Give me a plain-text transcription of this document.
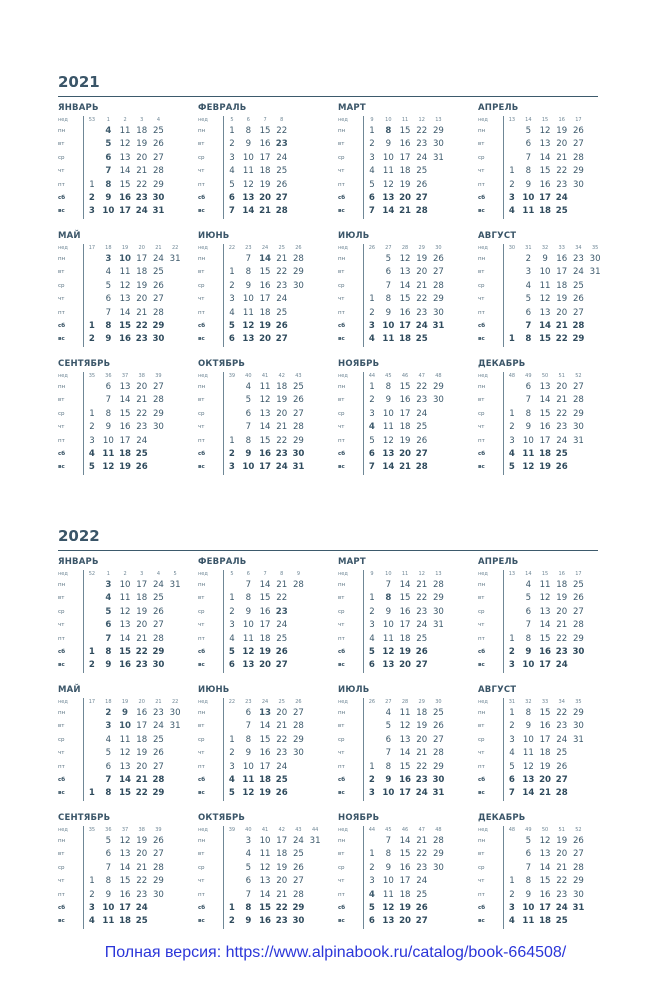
2021
ЯНВАРЬ
нед	53	1	2	3	4	
пн		4	11	18	25	
вт		5	12	19	26	
ср		6	13	20	27	
чт		7	14	21	28	
пт	1	8	15	22	29	
сб	2	9	16	23	30	
вс	3	10	17	24	31	
ФЕВРАЛЬ
нед	5	6	7	8		
пн	1	8	15	22		
вт	2	9	16	23		
ср	3	10	17	24		
чт	4	11	18	25		
пт	5	12	19	26		
сб	6	13	20	27		
вс	7	14	21	28		
МАРТ
нед	9	10	11	12	13	
пн	1	8	15	22	29	
вт	2	9	16	23	30	
ср	3	10	17	24	31	
чт	4	11	18	25		
пт	5	12	19	26		
сб	6	13	20	27		
вс	7	14	21	28		
АПРЕЛЬ
нед	13	14	15	16	17	
пн		5	12	19	26	
вт		6	13	20	27	
ср		7	14	21	28	
чт	1	8	15	22	29	
пт	2	9	16	23	30	
сб	3	10	17	24		
вс	4	11	18	25		
МАЙ
нед	17	18	19	20	21	22
пн		3	10	17	24	31
вт		4	11	18	25	
ср		5	12	19	26	
чт		6	13	20	27	
пт		7	14	21	28	
сб	1	8	15	22	29	
вс	2	9	16	23	30	
ИЮНЬ
нед	22	23	24	25	26	
пн		7	14	21	28	
вт	1	8	15	22	29	
ср	2	9	16	23	30	
чт	3	10	17	24		
пт	4	11	18	25		
сб	5	12	19	26		
вс	6	13	20	27		
ИЮЛЬ
нед	26	27	28	29	30	
пн		5	12	19	26	
вт		6	13	20	27	
ср		7	14	21	28	
чт	1	8	15	22	29	
пт	2	9	16	23	30	
сб	3	10	17	24	31	
вс	4	11	18	25		
АВГУСТ
нед	30	31	32	33	34	35
пн		2	9	16	23	30
вт		3	10	17	24	31
ср		4	11	18	25	
чт		5	12	19	26	
пт		6	13	20	27	
сб		7	14	21	28	
вс	1	8	15	22	29	
СЕНТЯБРЬ
нед	35	36	37	38	39	
пн		6	13	20	27	
вт		7	14	21	28	
ср	1	8	15	22	29	
чт	2	9	16	23	30	
пт	3	10	17	24		
сб	4	11	18	25		
вс	5	12	19	26		
ОКТЯБРЬ
нед	39	40	41	42	43	
пн		4	11	18	25	
вт		5	12	19	26	
ср		6	13	20	27	
чт		7	14	21	28	
пт	1	8	15	22	29	
сб	2	9	16	23	30	
вс	3	10	17	24	31	
НОЯБРЬ
нед	44	45	46	47	48	
пн	1	8	15	22	29	
вт	2	9	16	23	30	
ср	3	10	17	24		
чт	4	11	18	25		
пт	5	12	19	26		
сб	6	13	20	27		
вс	7	14	21	28		
ДЕКАБРЬ
нед	48	49	50	51	52	
пн		6	13	20	27	
вт		7	14	21	28	
ср	1	8	15	22	29	
чт	2	9	16	23	30	
пт	3	10	17	24	31	
сб	4	11	18	25		
вс	5	12	19	26		
2022
ЯНВАРЬ
нед	52	1	2	3	4	5
пн		3	10	17	24	31
вт		4	11	18	25	
ср		5	12	19	26	
чт		6	13	20	27	
пт		7	14	21	28	
сб	1	8	15	22	29	
вс	2	9	16	23	30	
ФЕВРАЛЬ
нед	5	6	7	8	9	
пн		7	14	21	28	
вт	1	8	15	22		
ср	2	9	16	23		
чт	3	10	17	24		
пт	4	11	18	25		
сб	5	12	19	26		
вс	6	13	20	27		
МАРТ
нед	9	10	11	12	13	
пн		7	14	21	28	
вт	1	8	15	22	29	
ср	2	9	16	23	30	
чт	3	10	17	24	31	
пт	4	11	18	25		
сб	5	12	19	26		
вс	6	13	20	27		
АПРЕЛЬ
нед	13	14	15	16	17	
пн		4	11	18	25	
вт		5	12	19	26	
ср		6	13	20	27	
чт		7	14	21	28	
пт	1	8	15	22	29	
сб	2	9	16	23	30	
вс	3	10	17	24		
МАЙ
нед	17	18	19	20	21	22
пн		2	9	16	23	30
вт		3	10	17	24	31
ср		4	11	18	25	
чт		5	12	19	26	
пт		6	13	20	27	
сб		7	14	21	28	
вс	1	8	15	22	29	
ИЮНЬ
нед	22	23	24	25	26	
пн		6	13	20	27	
вт		7	14	21	28	
ср	1	8	15	22	29	
чт	2	9	16	23	30	
пт	3	10	17	24		
сб	4	11	18	25		
вс	5	12	19	26		
ИЮЛЬ
нед	26	27	28	29	30	
пн		4	11	18	25	
вт		5	12	19	26	
ср		6	13	20	27	
чт		7	14	21	28	
пт	1	8	15	22	29	
сб	2	9	16	23	30	
вс	3	10	17	24	31	
АВГУСТ
нед	31	32	33	34	35	
пн	1	8	15	22	29	
вт	2	9	16	23	30	
ср	3	10	17	24	31	
чт	4	11	18	25		
пт	5	12	19	26		
сб	6	13	20	27		
вс	7	14	21	28		
СЕНТЯБРЬ
нед	35	36	37	38	39	
пн		5	12	19	26	
вт		6	13	20	27	
ср		7	14	21	28	
чт	1	8	15	22	29	
пт	2	9	16	23	30	
сб	3	10	17	24		
вс	4	11	18	25		
ОКТЯБРЬ
нед	39	40	41	42	43	44
пн		3	10	17	24	31
вт		4	11	18	25	
ср		5	12	19	26	
чт		6	13	20	27	
пт		7	14	21	28	
сб	1	8	15	22	29	
вс	2	9	16	23	30	
НОЯБРЬ
нед	44	45	46	47	48	
пн		7	14	21	28	
вт	1	8	15	22	29	
ср	2	9	16	23	30	
чт	3	10	17	24		
пт	4	11	18	25		
сб	5	12	19	26		
вс	6	13	20	27		
ДЕКАБРЬ
нед	48	49	50	51	52	
пн		5	12	19	26	
вт		6	13	20	27	
ср		7	14	21	28	
чт	1	8	15	22	29	
пт	2	9	16	23	30	
сб	3	10	17	24	31	
вс	4	11	18	25		
Полная версия: https://www.alpinabook.ru/catalog/book-664508/
